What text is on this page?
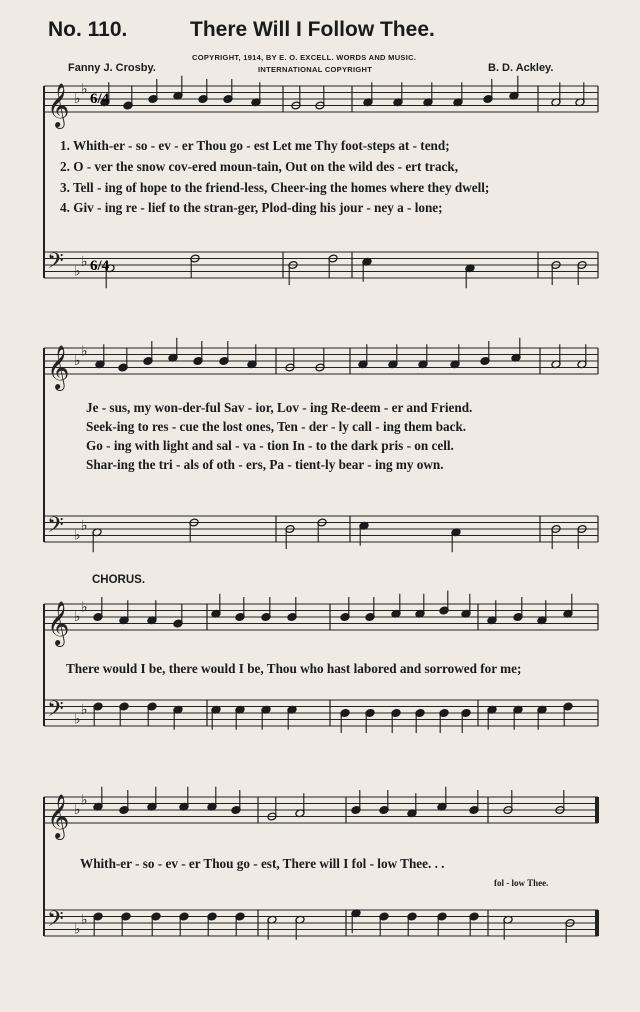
No. 110.	There Will I Follow Thee.
COPYRIGHT, 1914, BY E. O. EXCELL. WORDS AND MUSIC.
INTERNATIONAL COPYRIGHT
Fanny J. Crosby.	B. D. Ackley.
𝄞 ♭
♭
𝄢 ♭
♭
𝄞 ♭
♭
𝄢 ♭
♭
𝄞 ♭
♭
𝄢 ♭
♭
𝄞 ♭
♭
𝄢 ♭
♭
6/4
6/4
1. Whith-er - so - ev - er Thou go - est Let me Thy foot-steps at - tend;
2. O - ver the snow cov-ered moun-tain, Out on the wild des - ert track,
3. Tell - ing of hope to the friend-less, Cheer-ing the homes where they dwell;
4. Giv - ing re - lief to the stran-ger, Plod-ding his jour - ney a - lone;
Je - sus, my won-der-ful Sav - ior, Lov - ing Re-deem - er and Friend.
Seek-ing to res - cue the lost ones, Ten - der - ly call - ing them back.
Go - ing with light and sal - va - tion In - to the dark pris - on cell.
Shar-ing the tri - als of oth - ers, Pa - tient-ly bear - ing my own.
CHORUS.
There would I be, there would I be, Thou who hast labored and sorrowed for me;
Whith-er - so - ev - er Thou go - est, There will I fol - low Thee. . .
fol - low Thee.
